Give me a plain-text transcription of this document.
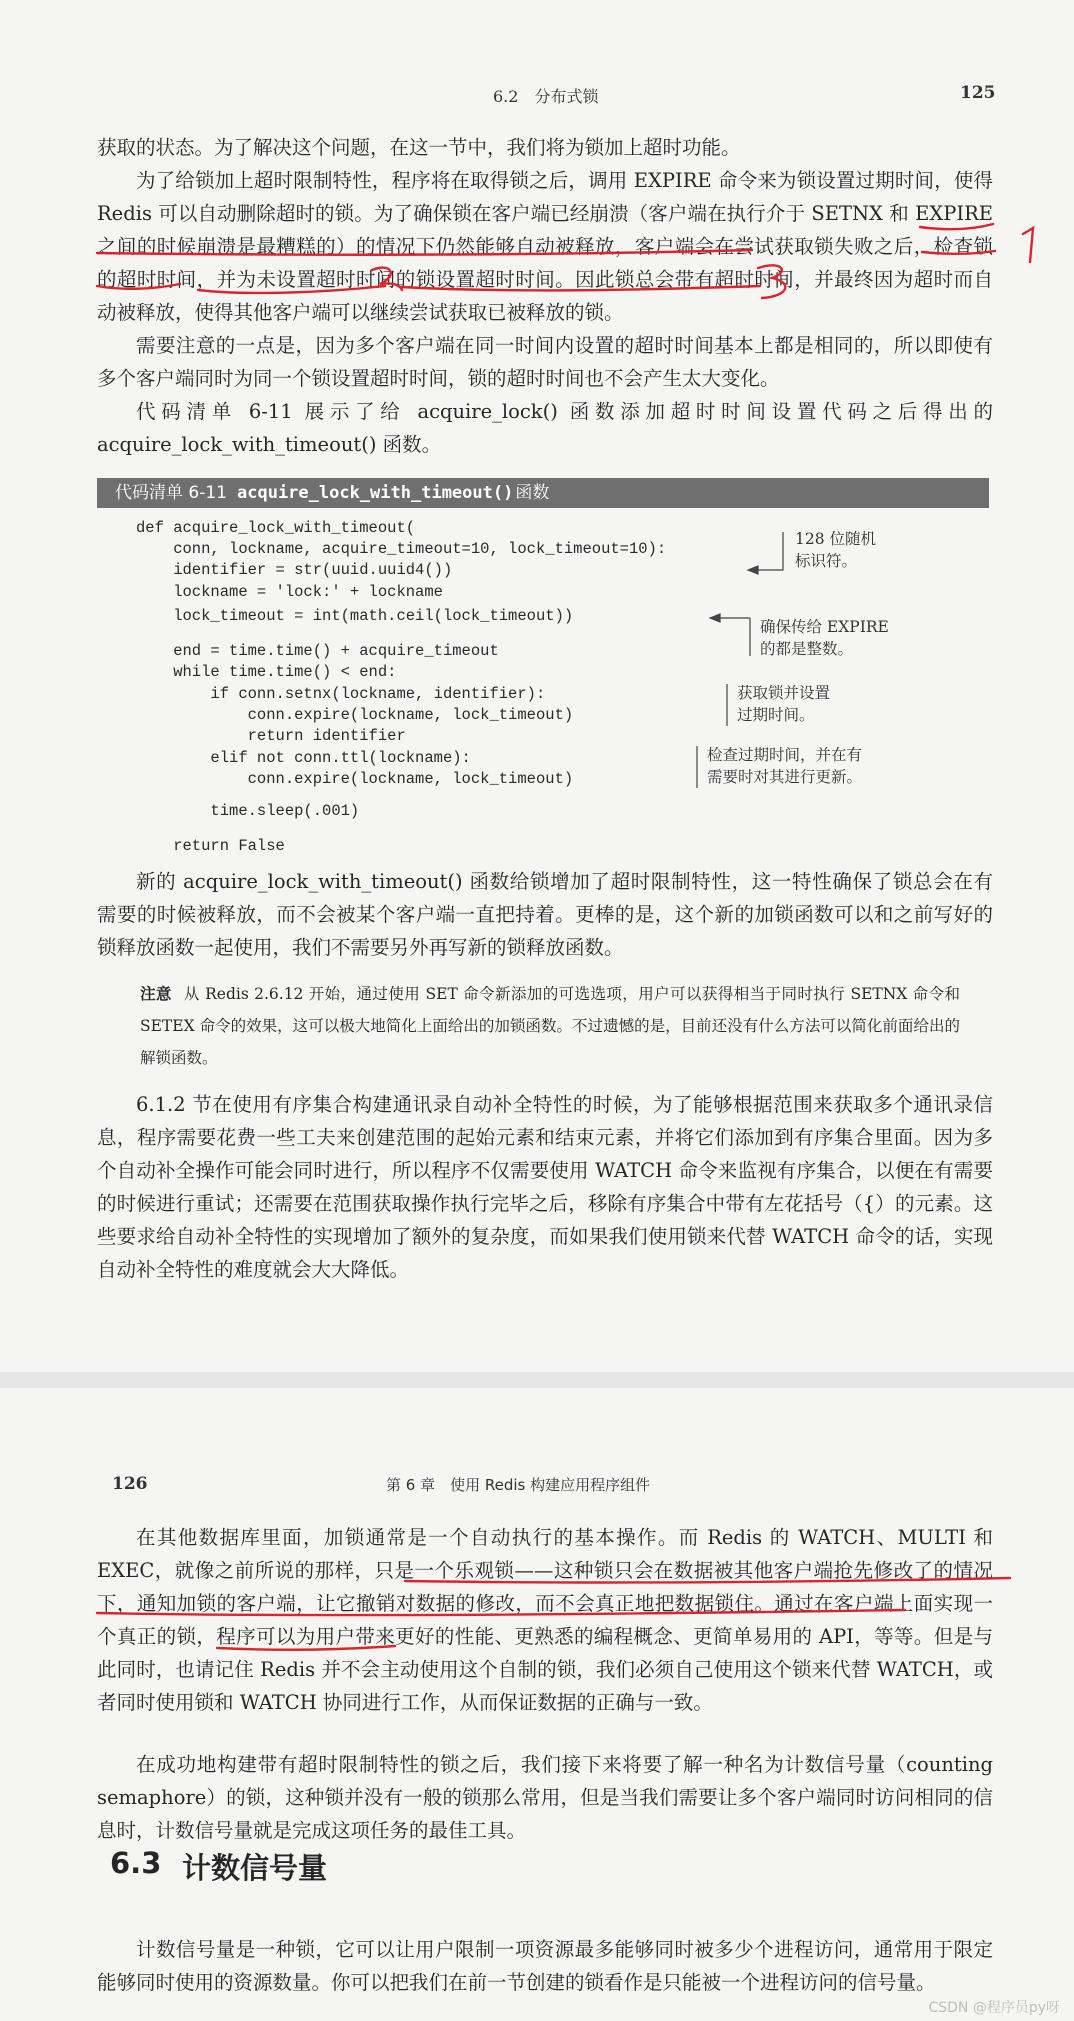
6.2　分布式锁	125
获取的状态。为了解决这个问题，在这一节中，我们将为锁加上超时功能。
为了给锁加上超时限制特性，程序将在取得锁之后，调用 EXPIRE 命令来为锁设置过期时间，使得 Redis 可以自动删除超时的锁。为了确保锁在客户端已经崩溃（客户端在执行介于 SETNX 和 EXPIRE 之间的时候崩溃是最糟糕的）的情况下仍然能够自动被释放，客户端会在尝试获取锁失败之后，检查锁的超时时间，并为未设置超时时间的锁设置超时时间。因此锁总会带有超时时间，并最终因为超时而自动被释放，使得其他客户端可以继续尝试获取已被释放的锁。
需要注意的一点是，因为多个客户端在同一时间内设置的超时时间基本上都是相同的，所以即使有多个客户端同时为同一个锁设置超时时间，锁的超时时间也不会产生太大变化。
代码清单 6-11 展示了给 acquire_lock() 函数添加超时时间设置代码之后得出的 acquire_lock_with_timeout() 函数。
代码清单 6-11 acquire_lock_with_timeout() 函数
def acquire_lock_with_timeout(
conn, lockname, acquire_timeout=10, lock_timeout=10):
identifier = str(uuid.uuid4())
lockname = 'lock:' + lockname
lock_timeout = int(math.ceil(lock_timeout))
end = time.time() + acquire_timeout
while time.time() < end:
if conn.setnx(lockname, identifier):
conn.expire(lockname, lock_timeout)
return identifier
elif not conn.ttl(lockname):
conn.expire(lockname, lock_timeout)
time.sleep(.001)
return False
128 位随机
标识符。
确保传给 EXPIRE
的都是整数。
获取锁并设置
过期时间。
检查过期时间，并在有
需要时对其进行更新。
新的 acquire_lock_with_timeout() 函数给锁增加了超时限制特性，这一特性确保了锁总会在有需要的时候被释放，而不会被某个客户端一直把持着。更棒的是，这个新的加锁函数可以和之前写好的锁释放函数一起使用，我们不需要另外再写新的锁释放函数。
注意 从 Redis 2.6.12 开始，通过使用 SET 命令新添加的可选选项，用户可以获得相当于同时执行 SETNX 命令和 SETEX 命令的效果，这可以极大地简化上面给出的加锁函数。不过遗憾的是，目前还没有什么方法可以简化前面给出的解锁函数。
6.1.2 节在使用有序集合构建通讯录自动补全特性的时候，为了能够根据范围来获取多个通讯录信息，程序需要花费一些工夫来创建范围的起始元素和结束元素，并将它们添加到有序集合里面。因为多个自动补全操作可能会同时进行，所以程序不仅需要使用 WATCH 命令来监视有序集合，以便在有需要的时候进行重试；还需要在范围获取操作执行完毕之后，移除有序集合中带有左花括号（{）的元素。这些要求给自动补全特性的实现增加了额外的复杂度，而如果我们使用锁来代替 WATCH 命令的话，实现自动补全特性的难度就会大大降低。
126	第 6 章　使用 Redis 构建应用程序组件
在其他数据库里面，加锁通常是一个自动执行的基本操作。而 Redis 的 WATCH、MULTI 和 EXEC，就像之前所说的那样，只是一个乐观锁——这种锁只会在数据被其他客户端抢先修改了的情况下，通知加锁的客户端，让它撤销对数据的修改，而不会真正地把数据锁住。通过在客户端上面实现一个真正的锁，程序可以为用户带来更好的性能、更熟悉的编程概念、更简单易用的 API，等等。但是与此同时，也请记住 Redis 并不会主动使用这个自制的锁，我们必须自己使用这个锁来代替 WATCH，或者同时使用锁和 WATCH 协同进行工作，从而保证数据的正确与一致。
在成功地构建带有超时限制特性的锁之后，我们接下来将要了解一种名为计数信号量（counting semaphore）的锁，这种锁并没有一般的锁那么常用，但是当我们需要让多个客户端同时访问相同的信息时，计数信号量就是完成这项任务的最佳工具。
6.3 计数信号量
计数信号量是一种锁，它可以让用户限制一项资源最多能够同时被多少个进程访问，通常用于限定能够同时使用的资源数量。你可以把我们在前一节创建的锁看作是只能被一个进程访问的信号量。
CSDN @程序员py呀
